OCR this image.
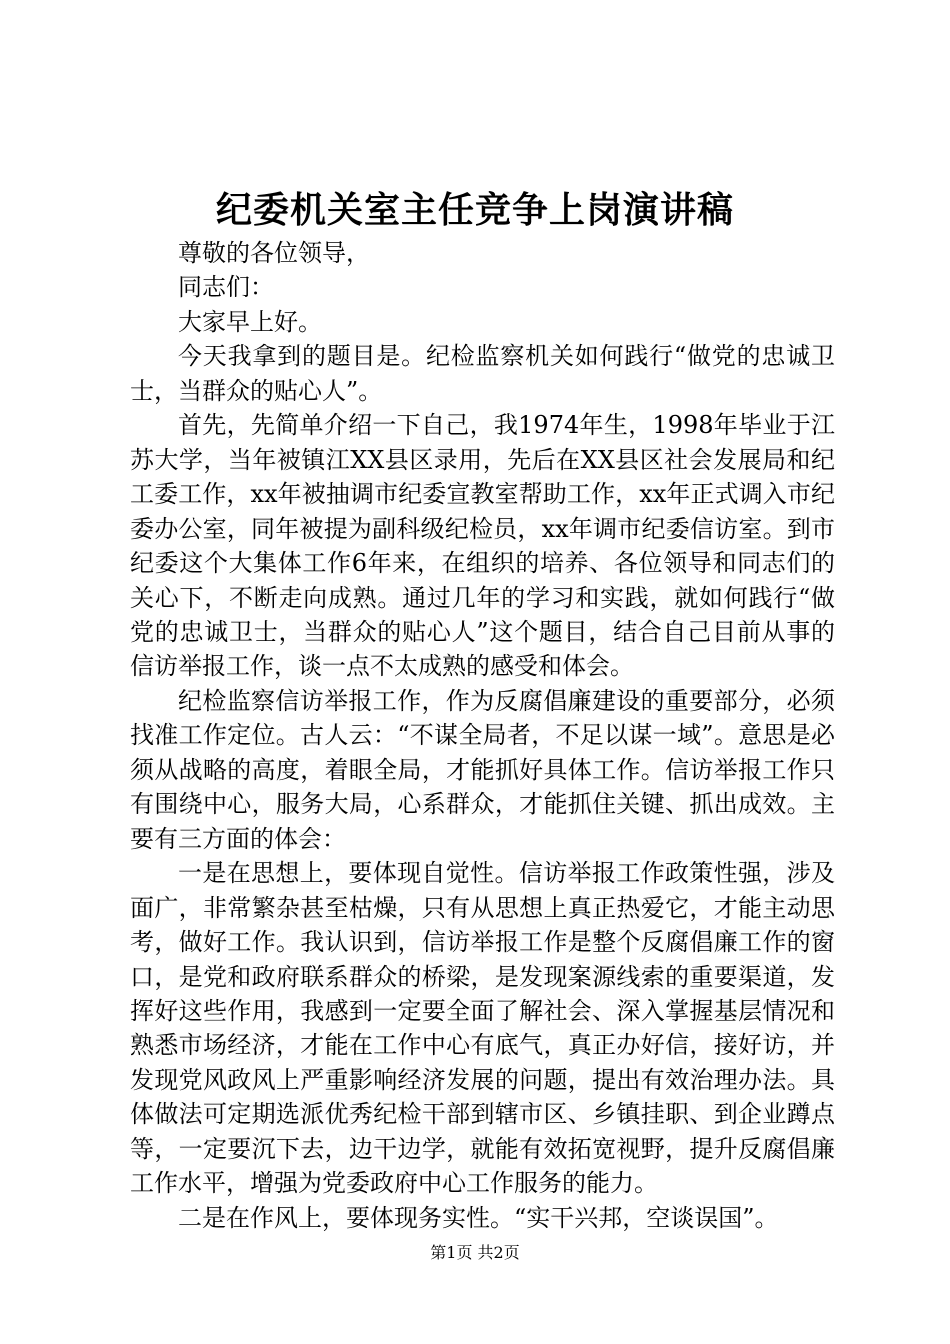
纪委机关室主任竞争上岗演讲稿

尊敬的各位领导，

同志们：

大家早上好。

今天我拿到的题目是。纪检监察机关如何践行“做党的忠诚卫士，当群众的贴心人”。

首先，先简单介绍一下自己，我1974年生，1998年毕业于江苏大学，当年被镇江XX县区录用，先后在XX县区社会发展局和纪工委工作，xx年被抽调市纪委宣教室帮助工作，xx年正式调入市纪委办公室，同年被提为副科级纪检员，xx年调市纪委信访室。到市纪委这个大集体工作6年来，在组织的培养、各位领导和同志们的关心下，不断走向成熟。通过几年的学习和实践，就如何践行“做党的忠诚卫士，当群众的贴心人”这个题目，结合自己目前从事的信访举报工作，谈一点不太成熟的感受和体会。

纪检监察信访举报工作，作为反腐倡廉建设的重要部分，必须找准工作定位。古人云：“不谋全局者，不足以谋一域”。意思是必须从战略的高度，着眼全局，才能抓好具体工作。信访举报工作只有围绕中心，服务大局，心系群众，才能抓住关键、抓出成效。主要有三方面的体会：

一是在思想上，要体现自觉性。信访举报工作政策性强，涉及面广，非常繁杂甚至枯燥，只有从思想上真正热爱它，才能主动思考，做好工作。我认识到，信访举报工作是整个反腐倡廉工作的窗口，是党和政府联系群众的桥梁，是发现案源线索的重要渠道，发挥好这些作用，我感到一定要全面了解社会、深入掌握基层情况和熟悉市场经济，才能在工作中心有底气，真正办好信，接好访，并发现党风政风上严重影响经济发展的问题，提出有效治理办法。具体做法可定期选派优秀纪检干部到辖市区、乡镇挂职、到企业蹲点等，一定要沉下去，边干边学，就能有效拓宽视野，提升反腐倡廉工作水平，增强为党委政府中心工作服务的能力。

二是在作风上，要体现务实性。“实干兴邦，空谈误国”。

第1页 共2页
